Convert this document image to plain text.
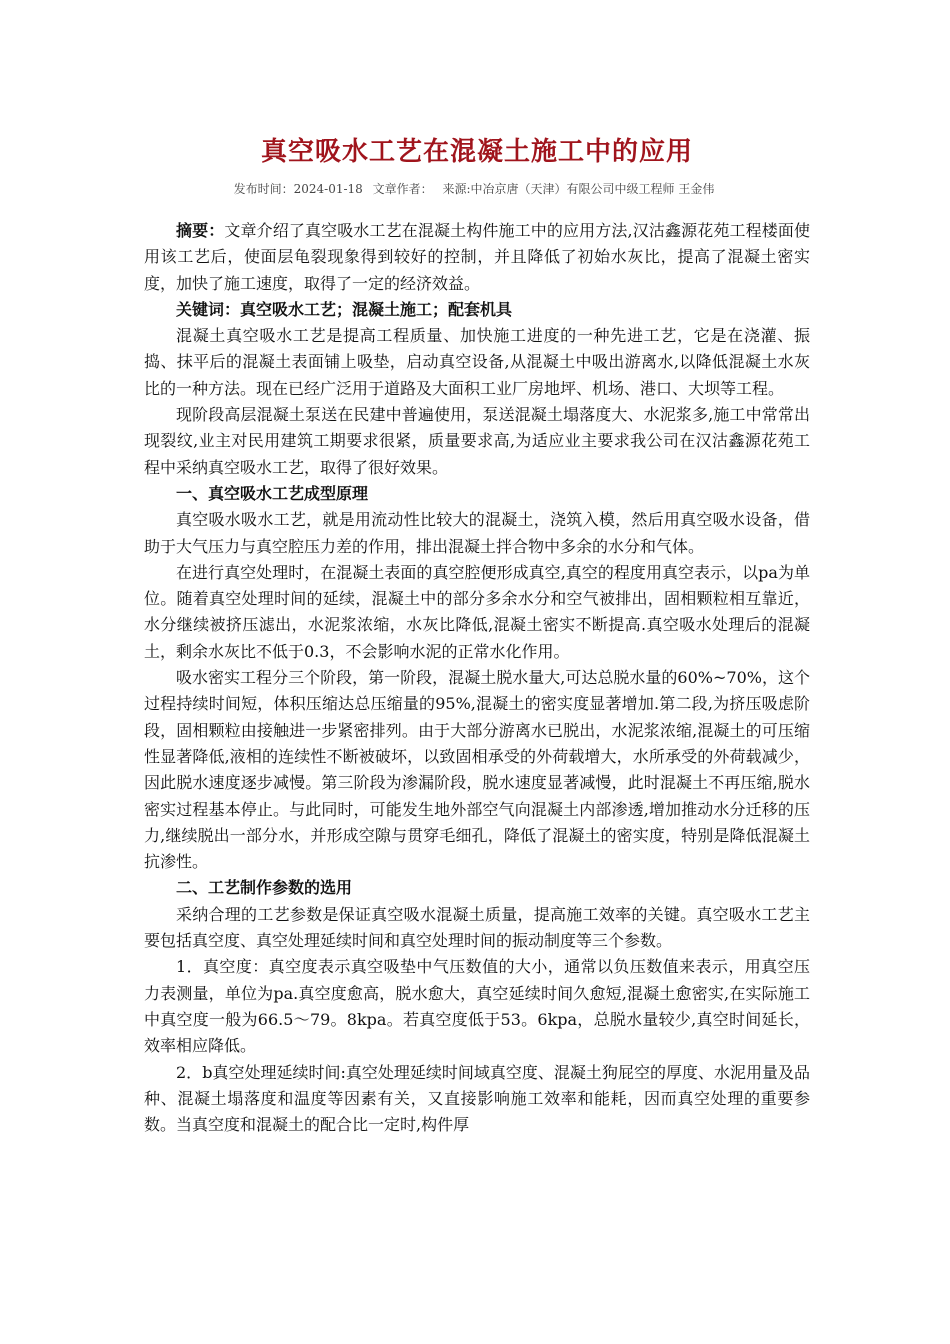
真空吸水工艺在混凝土施工中的应用
发布时间：2024-01-18 文章作者： 来源:中冶京唐（天津）有限公司中级工程师 王金伟

摘要：文章介绍了真空吸水工艺在混凝土构件施工中的应用方法,汉沽鑫源花苑工程楼面使用该工艺后，使面层龟裂现象得到较好的控制，并且降低了初始水灰比，提高了混凝土密实度，加快了施工速度，取得了一定的经济效益。

关键词：真空吸水工艺；混凝土施工；配套机具

混凝土真空吸水工艺是提高工程质量、加快施工进度的一种先进工艺，它是在浇灌、振捣、抹平后的混凝土表面铺上吸垫，启动真空设备,从混凝土中吸出游离水,以降低混凝土水灰比的一种方法。现在已经广泛用于道路及大面积工业厂房地坪、机场、港口、大坝等工程。

现阶段高层混凝土泵送在民建中普遍使用，泵送混凝土塌落度大、水泥浆多,施工中常常出现裂纹,业主对民用建筑工期要求很紧，质量要求高,为适应业主要求我公司在汉沽鑫源花苑工程中采纳真空吸水工艺，取得了很好效果。

一、真空吸水工艺成型原理

真空吸水吸水工艺，就是用流动性比较大的混凝土，浇筑入模，然后用真空吸水设备，借助于大气压力与真空腔压力差的作用，排出混凝土拌合物中多余的水分和气体。

在进行真空处理时，在混凝土表面的真空腔便形成真空,真空的程度用真空表示，以pa为单位。随着真空处理时间的延续，混凝土中的部分多余水分和空气被排出，固相颗粒相互靠近，水分继续被挤压滤出，水泥浆浓缩，水灰比降低,混凝土密实不断提高.真空吸水处理后的混凝土，剩余水灰比不低于0.3，不会影响水泥的正常水化作用。

吸水密实工程分三个阶段，第一阶段，混凝土脱水量大,可达总脱水量的60%~70%，这个过程持续时间短，体积压缩达总压缩量的95%,混凝土的密实度显著增加.第二段,为挤压吸虑阶段，固相颗粒由接触进一步紧密排列。由于大部分游离水已脱出，水泥浆浓缩,混凝土的可压缩性显著降低,液相的连续性不断被破坏，以致固相承受的外荷载增大，水所承受的外荷载减少，因此脱水速度逐步减慢。第三阶段为渗漏阶段，脱水速度显著减慢，此时混凝土不再压缩,脱水密实过程基本停止。与此同时，可能发生地外部空气向混凝土内部渗透,增加推动水分迁移的压力,继续脱出一部分水，并形成空隙与贯穿毛细孔，降低了混凝土的密实度，特别是降低混凝土抗渗性。

二、工艺制作参数的选用

采纳合理的工艺参数是保证真空吸水混凝土质量，提高施工效率的关键。真空吸水工艺主要包括真空度、真空处理延续时间和真空处理时间的振动制度等三个参数。

1．真空度：真空度表示真空吸垫中气压数值的大小，通常以负压数值来表示，用真空压力表测量，单位为pa.真空度愈高，脱水愈大，真空延续时间久愈短,混凝土愈密实,在实际施工中真空度一般为66.5～79。8kpa。若真空度低于53。6kpa，总脱水量较少,真空时间延长，效率相应降低。

2．b真空处理延续时间:真空处理延续时间域真空度、混凝土狗屁空的厚度、水泥用量及品种、混凝土塌落度和温度等因素有关，又直接影响施工效率和能耗，因而真空处理的重要参数。当真空度和混凝土的配合比一定时,构件厚
